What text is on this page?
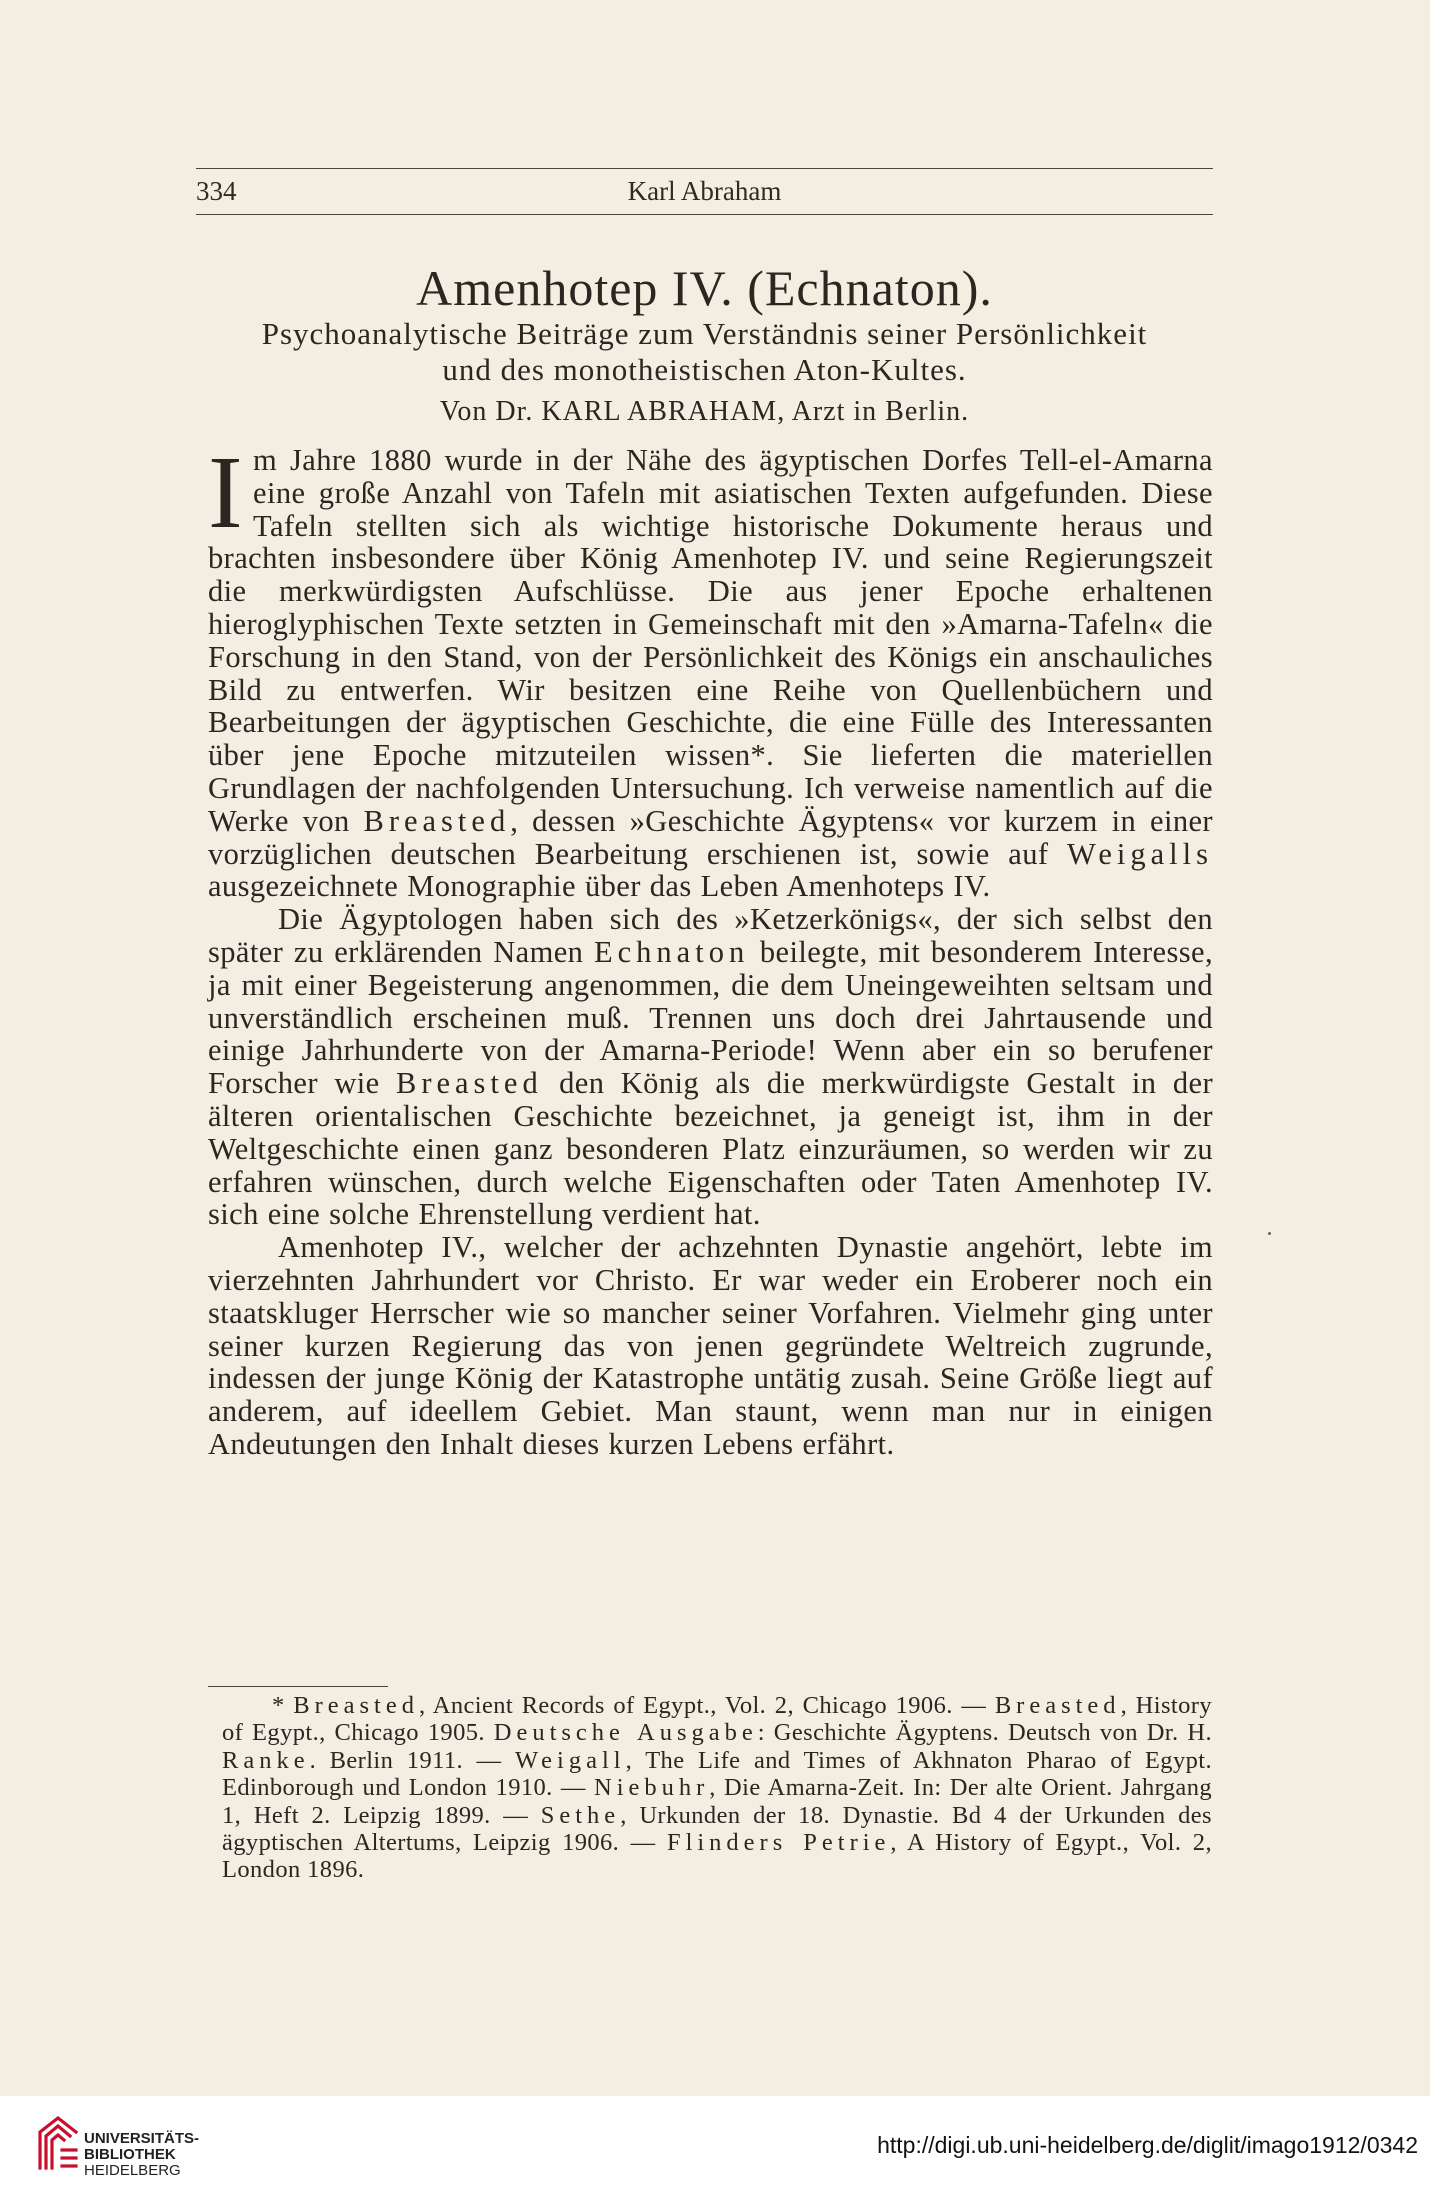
334	Karl Abraham
Amenhotep IV. (Echnaton).
Psychoanalytische Beiträge zum Verständnis seiner Persönlichkeit
und des monotheistischen Aton-Kultes.
Von Dr. KARL ABRAHAM, Arzt in Berlin.

Im Jahre 1880 wurde in der Nähe des ägyptischen Dorfes Tell-el-Amarna eine große Anzahl von Tafeln mit asiatischen Texten aufgefunden. Diese Tafeln stellten sich als wichtige historische Dokumente heraus und brachten insbesondere über König Amenhotep IV. und seine Regierungszeit die merkwürdigsten Aufschlüsse. Die aus jener Epoche erhaltenen hieroglyphischen Texte setzten in Gemeinschaft mit den »Amarna-Tafeln« die Forschung in den Stand, von der Persönlichkeit des Königs ein anschauliches Bild zu entwerfen. Wir besitzen eine Reihe von Quellenbüchern und Bearbeitungen der ägyptischen Geschichte, die eine Fülle des Interessanten über jene Epoche mitzuteilen wissen*. Sie lieferten die materiellen Grundlagen der nachfolgenden Untersuchung. Ich verweise namentlich auf die Werke von Breasted, dessen »Geschichte Ägyptens« vor kurzem in einer vorzüglichen deutschen Bearbeitung erschienen ist, sowie auf Weigalls ausgezeichnete Monographie über das Leben Amenhoteps IV.

Die Ägyptologen haben sich des »Ketzerkönigs«, der sich selbst den später zu erklärenden Namen Echnaton beilegte, mit besonderem Interesse, ja mit einer Begeisterung angenommen, die dem Uneingeweihten seltsam und unverständlich erscheinen muß. Trennen uns doch drei Jahrtausende und einige Jahrhunderte von der Amarna-Periode! Wenn aber ein so berufener Forscher wie Breasted den König als die merkwürdigste Gestalt in der älteren orientalischen Geschichte bezeichnet, ja geneigt ist, ihm in der Weltgeschichte einen ganz besonderen Platz einzuräumen, so werden wir zu erfahren wünschen, durch welche Eigenschaften oder Taten Amenhotep IV. sich eine solche Ehrenstellung verdient hat.

Amenhotep IV., welcher der achzehnten Dynastie angehört, lebte im vierzehnten Jahrhundert vor Christo. Er war weder ein Eroberer noch ein staatskluger Herrscher wie so mancher seiner Vorfahren. Vielmehr ging unter seiner kurzen Regierung das von jenen gegründete Weltreich zugrunde, indessen der junge König der Katastrophe untätig zusah. Seine Größe liegt auf anderem, auf ideellem Gebiet. Man staunt, wenn man nur in einigen Andeutungen den Inhalt dieses kurzen Lebens erfährt.

* Breasted, Ancient Records of Egypt., Vol. 2, Chicago 1906. — Breasted, History of Egypt., Chicago 1905. Deutsche Ausgabe: Geschichte Ägyptens. Deutsch von Dr. H. Ranke. Berlin 1911. — Weigall, The Life and Times of Akhnaton Pharao of Egypt. Edinborough und London 1910. — Niebuhr, Die Amarna-Zeit. In: Der alte Orient. Jahrgang 1, Heft 2. Leipzig 1899. — Sethe, Urkunden der 18. Dynastie. Bd 4 der Urkunden des ägyptischen Altertums, Leipzig 1906. — Flinders Petrie, A History of Egypt., Vol. 2, London 1896.

UNIVERSITÄTS-
BIBLIOTHEK
HEIDELBERG
http://digi.ub.uni-heidelberg.de/diglit/imago1912/0342
